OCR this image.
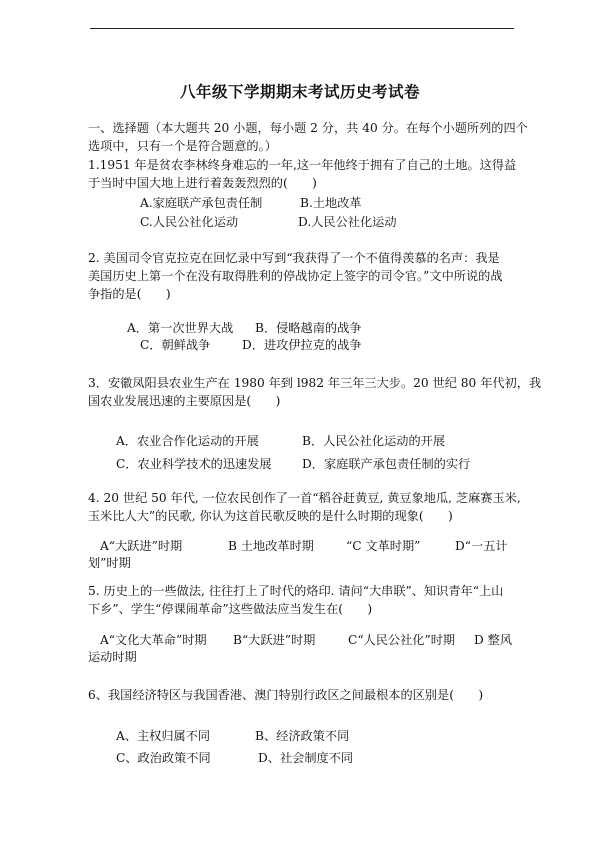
八年级下学期期末考试历史考试卷
一、选择题（本大题共 20 小题，每小题 2 分，共 40 分。在每个小题所列的四个
选项中，只有一个是符合题意的。）
1.1951 年是贫农李林终身难忘的一年,这一年他终于拥有了自己的土地。这得益
于当时中国大地上进行着轰轰烈烈的(　　)
A.家庭联产承包责任制	B.土地改革
C.人民公社化运动	D.人民公社化运动
2. 美国司令官克拉克在回忆录中写到“我获得了一个不值得羡慕的名声：我是
美国历史上第一个在没有取得胜利的停战协定上签字的司令官。”文中所说的战
争指的是(　　)
A．第一次世界大战 B．侵略越南的战争
C．朝鲜战争	D．进攻伊拉克的战争
3．安徽凤阳县农业生产在 1980 年到 l982 年三年三大步。20 世纪 80 年代初，我
国农业发展迅速的主要原因是(　　)
A．农业合作化运动的开展	B．人民公社化运动的开展
C．农业科学技术的迅速发展 D．家庭联产承包责任制的实行
4. 20 世纪 50 年代, 一位农民创作了一首“稻谷赶黄豆, 黄豆象地瓜, 芝麻赛玉米,
玉米比人大”的民歌, 你认为这首民歌反映的是什么时期的现象(　　)
A“大跃进”时期	B 土地改革时期	“C 文革时期”	D“一五计
划”时期
5. 历史上的一些做法, 往往打上了时代的烙印. 请问“大串联”、知识青年“上山
下乡”、学生“停课闹革命”这些做法应当发生在(　　)
A“文化大革命”时期 B“大跃进”时期	C“人民公社化”时期 D 整风
运动时期
6、我国经济特区与我国香港、澳门特别行政区之间最根本的区别是(　　)
A、主权归属不同	B、经济政策不同
C、政治政策不同	D、社会制度不同
